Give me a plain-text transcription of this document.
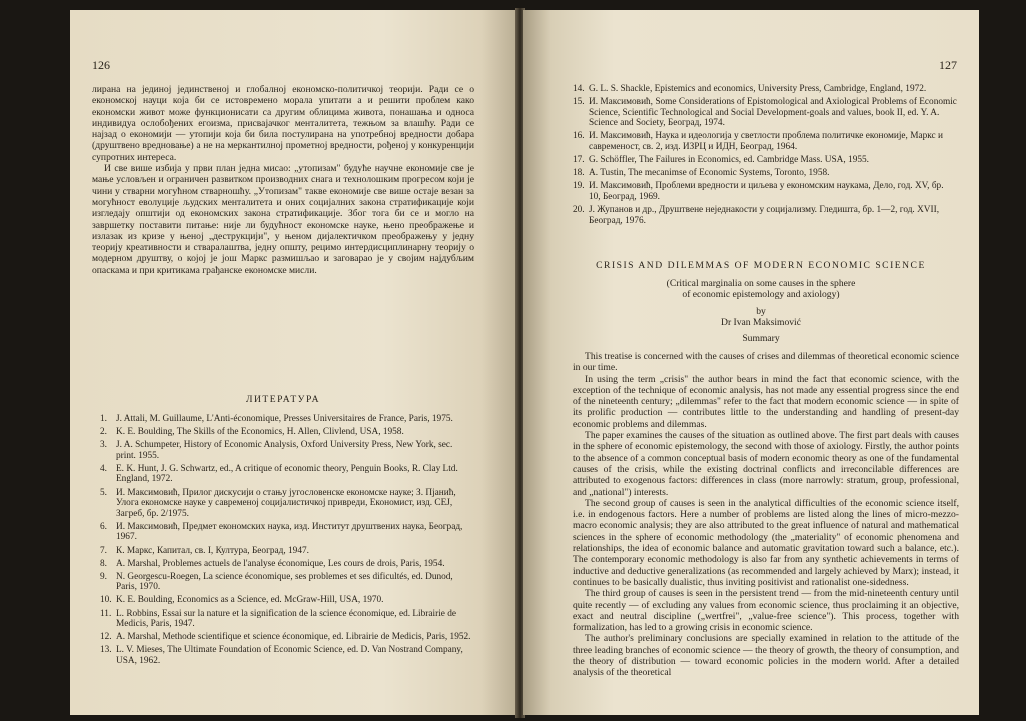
126

лирана на јединој јединственој и глобалној економско-политичкој теорији. Ради се о економској науци која би се истовремено морала упитати а и решити проблем како економски живот може функционисати са другим облицима живота, понашања и односа индивидуа ослобођених егоизма, присвајачког менталитета, тежњом за влашћу. Ради се најзад о економији — утопији која би била постулирана на употребној вредности добара (друштвено вредновање) а не на меркантилној прометној вредности, рођеној у конкуренцији супротних интереса.

И све више избија у први план једна мисао: „утопизам" будуће научне економије све је мање условљен и ограничен развитком производних снага и технолошким прогресом који је чини у стварни могућном стварношћу. „Утопизам" такве економије све више остаје везан за могућност еволуције људских менталитета и оних социјалних закона стратификације који изгледају општији од економских закона стратификације. Због тога би се и могло на завршетку поставити питање: није ли будућност економске науке, њено преображење и излазак из кризе у њеној „деструкцији", у њеном дијалектичком преображењу у једну теорију креативности и стваралаштва, једну општу, рецимо интердисциплинарну теорију о модерном друштву, о којој је још Маркс размишљао и заговарао је у својим најдубљим опаскама и при критикама грађанске економске мисли.

ЛИТЕРАТУРА
1. J. Attali, M. Guillaume, L'Anti-économique, Presses Universitaires de France, Paris, 1975.
2. K. E. Boulding, The Skills of the Economics, H. Allen, Clivlend, USA, 1958.
3. J. A. Schumpeter, History of Economic Analysis, Oxford University Press, New York, sec. print. 1955.
4. E. K. Hunt, J. G. Schwartz, ed., A critique of economic theory, Penguin Books, R. Clay Ltd. England, 1972.
5. И. Максимовић, Прилог дискусији о стању југословенске економске науке; З. Пјанић, Улога економске науке у савременој социјалистичкој привреди, Економист, изд. СЕЈ, Загреб, бр. 2/1975.
6. И. Максимовић, Предмет економских наука, изд. Институт друштвених наука, Београд, 1967.
7. К. Маркс, Капитал, св. I, Култура, Београд, 1947.
8. A. Marshal, Problemes actuels de l'analyse économique, Les cours de drois, Paris, 1954.
9. N. Georgescu-Roegen, La science économique, ses problemes et ses dificultés, ed. Dunod, Paris, 1970.
10. K. E. Boulding, Economics as a Science, ed. McGraw-Hill, USA, 1970.
11. L. Robbins, Essai sur la nature et la signification de la science économique, ed. Librairie de Medicis, Paris, 1947.
12. A. Marshal, Methode scientifique et science économique, ed. Librairie de Medicis, Paris, 1952.
13. L. V. Mieses, The Ultimate Foundation of Economic Science, ed. D. Van Nostrand Company, USA, 1962.
127
14. G. L. S. Shackle, Epistemics and economics, University Press, Cambridge, England, 1972.
15. И. Максимовић, Some Considerations of Epistomological and Axiological Problems of Economic Science, Scientific Technological and Social Development-goals and values, book II, ed. Y. A. Science and Society, Београд, 1974.
16. И. Максимовић, Наука и идеологија у светлости проблема политичке економије, Маркс и савременост, св. 2, изд. ИЗРЦ и ИДН, Београд, 1964.
17. G. Schöffler, The Failures in Economics, ed. Cambridge Mass. USA, 1955.
18. A. Tustin, The mecanimse of Economic Systems, Toronto, 1958.
19. И. Максимовић, Проблеми вредности и циљева у економским наукама, Дело, год. XV, бр. 10, Београд, 1969.
20. Ј. Жупанов и др., Друштвене неједнакости у социјализму. Гледишта, бр. 1—2, год. XVII, Београд, 1976.
CRISIS AND DILEMMAS OF MODERN ECONOMIC SCIENCE
(Critical marginalia on some causes in the sphere
of economic epistemology and axiology)
by
Dr Ivan Maksimović
Summary

This treatise is concerned with the causes of crises and dilemmas of theoretical economic science in our time.

In using the term „crisis" the author bears in mind the fact that economic science, with the exception of the technique of economic analysis, has not made any essential progress since the end of the nineteenth century; „dilemmas" refer to the fact that modern economic science — in spite of its prolific production — contributes little to the understanding and handling of present-day economic problems and dilemmas.

The paper examines the causes of the situation as outlined above. The first part deals with causes in the sphere of economic epistemology, the second with those of axiology. Firstly, the author points to the absence of a common conceptual basis of modern economic theory as one of the fundamental causes of the crisis, while the existing doctrinal conflicts and irreconcilable differences are attributed to exogenous factors: differences in class (more narrowly: stratum, group, professional, and „national") interests.

The second group of causes is seen in the analytical difficulties of the economic science itself, i.e. in endogenous factors. Here a number of problems are listed along the lines of micro-mezzo-macro economic analysis; they are also attributed to the great influence of natural and mathematical sciences in the sphere of economic methodology (the „materiality" of economic phenomena and relationships, the idea of economic balance and automatic gravitation toward such a balance, etc.). The contemporary economic methodology is also far from any synthetic achievements in terms of inductive and deductive generalizations (as recommended and largely achieved by Marx); instead, it continues to be basically dualistic, thus inviting positivist and rationalist one-sidedness.

The third group of causes is seen in the persistent trend — from the mid-nineteenth century until quite recently — of excluding any values from economic science, thus proclaiming it an objective, exact and neutral discipline („wertfrei", „value-free science"). This process, together with formalization, has led to a growing crisis in economic science.

The author's preliminary conclusions are specially examined in relation to the attitude of the three leading branches of economic science — the theory of growth, the theory of consumption, and the theory of distribution — toward economic policies in the modern world. After a detailed analysis of the theoretical
